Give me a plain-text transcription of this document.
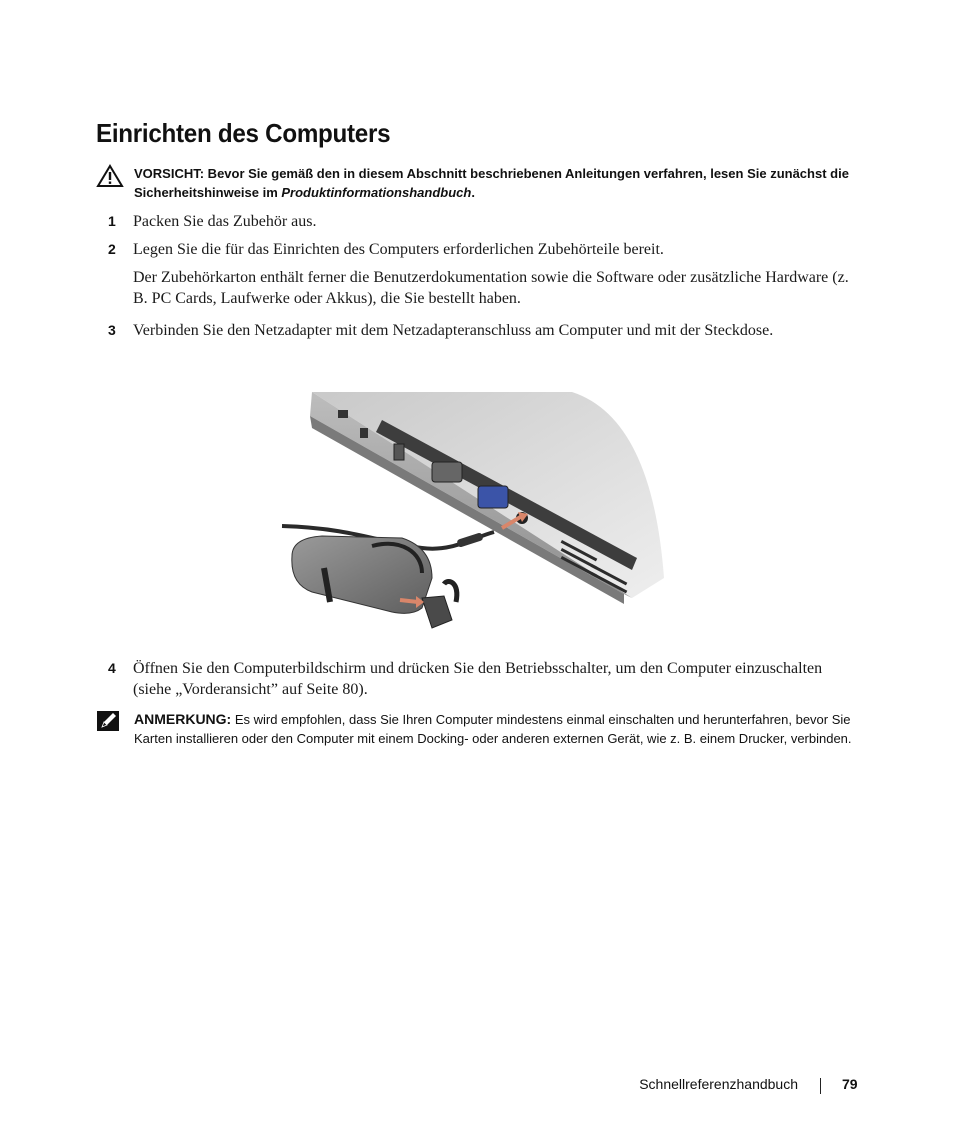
Einrichten des Computers
VORSICHT: Bevor Sie gemäß den in diesem Abschnitt beschriebenen Anleitungen verfahren, lesen Sie zunächst die Sicherheitshinweise im Produktinformationshandbuch.
1 Packen Sie das Zubehör aus.
2 Legen Sie die für das Einrichten des Computers erforderlichen Zubehörteile bereit.
Der Zubehörkarton enthält ferner die Benutzerdokumentation sowie die Software oder zusätzliche Hardware (z. B. PC Cards, Laufwerke oder Akkus), die Sie bestellt haben.
3 Verbinden Sie den Netzadapter mit dem Netzadapteranschluss am Computer und mit der Steckdose.
4 Öffnen Sie den Computerbildschirm und drücken Sie den Betriebsschalter, um den Computer einzuschalten (siehe „Vorderansicht” auf Seite 80).
ANMERKUNG: Es wird empfohlen, dass Sie Ihren Computer mindestens einmal einschalten und herunterfahren, bevor Sie Karten installieren oder den Computer mit einem Docking- oder anderen externen Gerät, wie z. B. einem Drucker, verbinden.
Schnellreferenzhandbuch	79
